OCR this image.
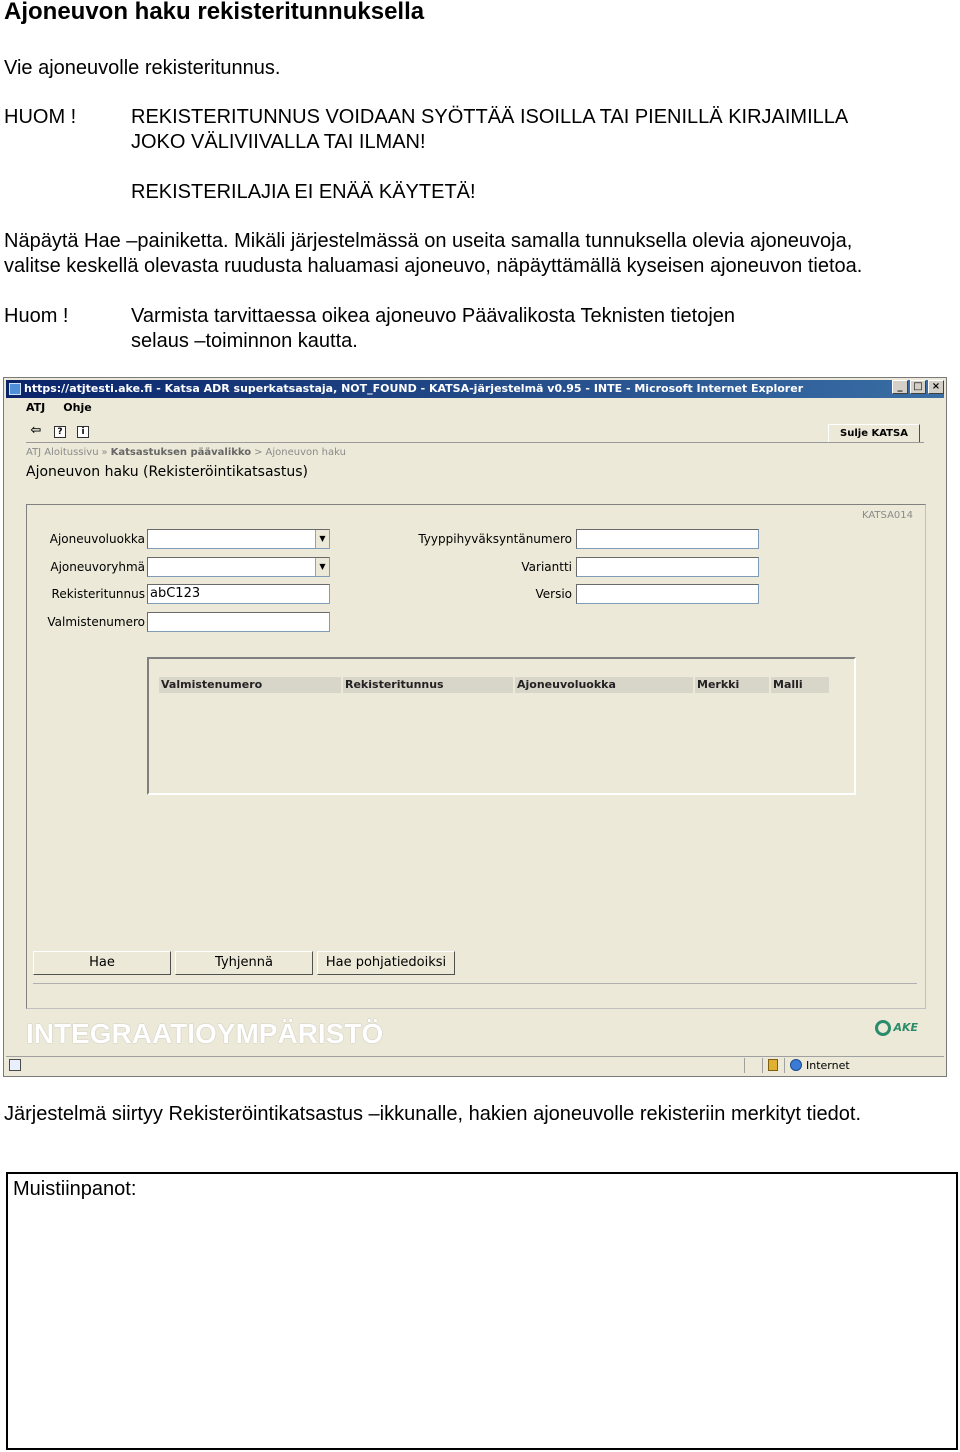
Ajoneuvon haku rekisteritunnuksella
Vie ajoneuvolle rekisteritunnus.
HUOM !	REKISTERITUNNUS VOIDAAN SYÖTTÄÄ ISOILLA TAI PIENILLÄ KIRJAIMILLA
JOKO VÄLIVIIVALLA TAI ILMAN!
REKISTERILAJIA EI ENÄÄ KÄYTETÄ!
Näpäytä Hae –painiketta. Mikäli järjestelmässä on useita samalla tunnuksella olevia ajoneuvoja,
valitse keskellä olevasta ruudusta haluamasi ajoneuvo, näpäyttämällä kyseisen ajoneuvon tietoa.
Huom !	Varmista tarvittaessa oikea ajoneuvo Päävalikosta Teknisten tietojen
selaus –toiminnon kautta.
https://atjtesti.ake.fi - Katsa ADR superkatsastaja, NOT_FOUND - KATSA-järjestelmä v0.95 - INTE - Microsoft Internet Explorer	_	□ ×
ATJ Ohje
⇦	?	i	Sulje KATSA
ATJ Aloitussivu » Katsastuksen päävalikko > Ajoneuvon haku
Ajoneuvon haku (Rekisteröintikatsastus)
KATSA014
Ajoneuvoluokka	▼
Ajoneuvoryhmä	▼
Rekisteritunnus abC123
Valmistenumero
Tyyppihyväksyntänumero
Variantti
Versio
Valmistenumero	Rekisteritunnus	Ajoneuvoluokka	Merkki	Malli
Hae	Tyhjennä	Hae pohjatiedoiksi
INTEGRAATIOYMPÄRISTÖ	AKE
Internet
Järjestelmä siirtyy Rekisteröintikatsastus –ikkunalle, hakien ajoneuvolle rekisteriin merkityt tiedot.
Muistiinpanot:
